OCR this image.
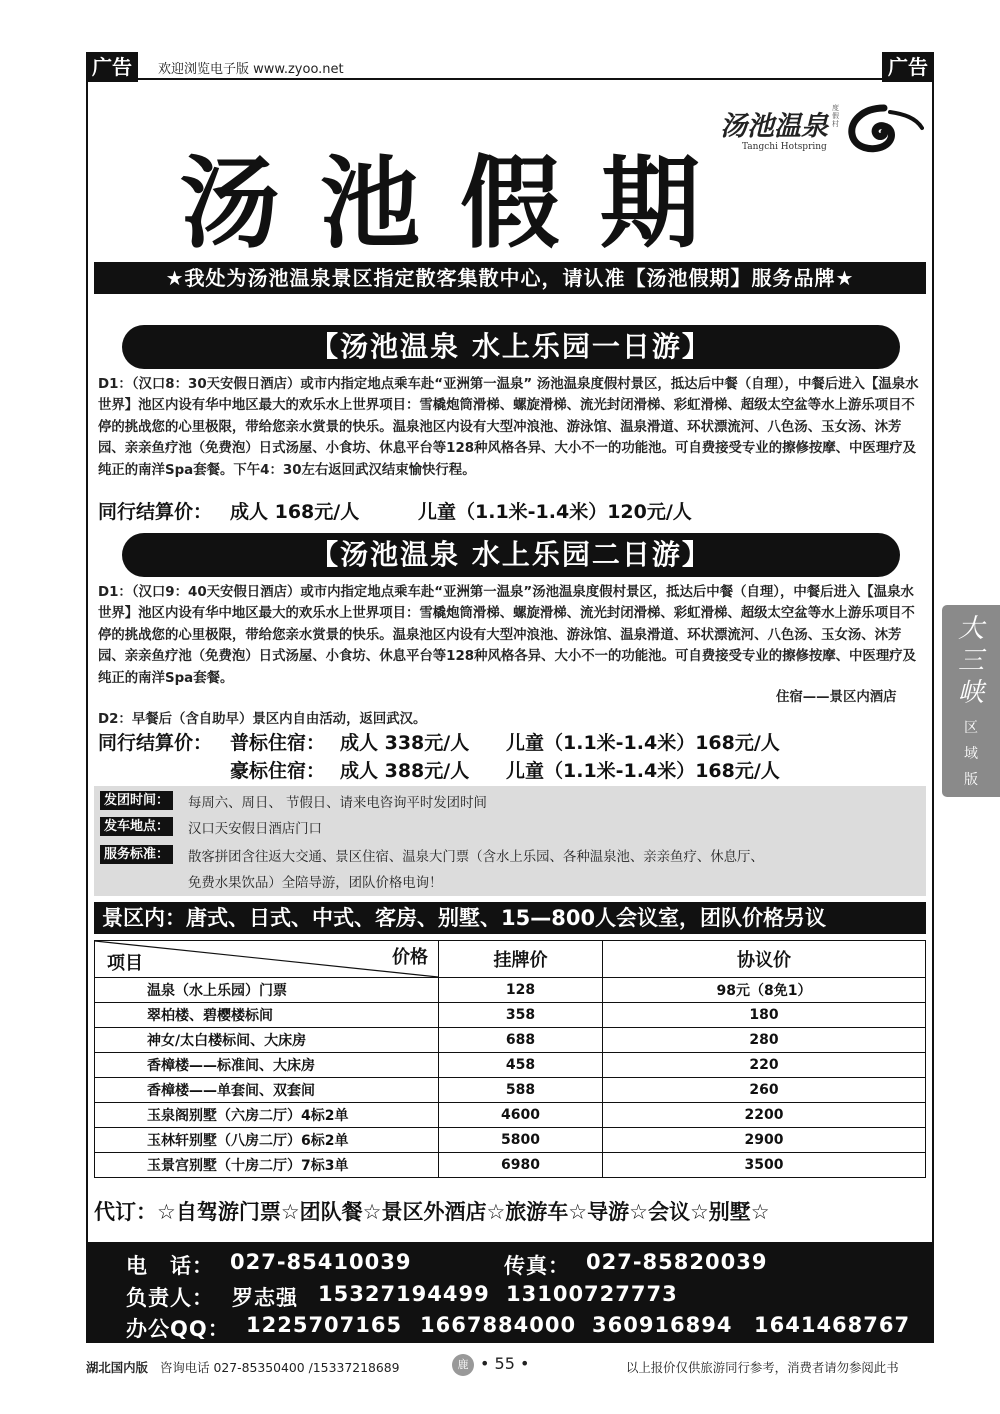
广告	欢迎浏览电子版 www.zyoo.net	广告
汤池温泉
度假村
Tangchi Hotspring
汤池假期
★我处为汤池温泉景区指定散客集散中心，请认准【汤池假期】服务品牌★
【汤池温泉 水上乐园一日游】
D1：（汉口8：30天安假日酒店）或市内指定地点乘车赴“亚洲第一温泉” 汤池温泉度假村景区，抵达后中餐（自理），中餐后进入【温泉水世界】池区内设有华中地区最大的欢乐水上世界项目：雪橇炮筒滑梯、螺旋滑梯、流光封闭滑梯、彩虹滑梯、超级太空盆等水上游乐项目不停的挑战您的心里极限，带给您亲水赏景的快乐。温泉池区内设有大型冲浪池、游泳馆、温泉滑道、环状漂流河、八色汤、玉女汤、沐芳园、亲亲鱼疗池（免费泡）日式汤屋、小食坊、休息平台等128种风格各异、大小不一的功能池。可自费接受专业的擦修按摩、中医理疗及纯正的南洋Spa套餐。下午4：30左右返回武汉结束愉快行程。
同行结算价： 成人 168元/人	儿童（1.1米-1.4米）120元/人
【汤池温泉 水上乐园二日游】
D1：（汉口9：40天安假日酒店）或市内指定地点乘车赴“亚洲第一温泉”汤池温泉度假村景区，抵达后中餐（自理），中餐后进入【温泉水世界】池区内设有华中地区最大的欢乐水上世界项目：雪橇炮筒滑梯、螺旋滑梯、流光封闭滑梯、彩虹滑梯、超级太空盆等水上游乐项目不停的挑战您的心里极限，带给您亲水赏景的快乐。温泉池区内设有大型冲浪池、游泳馆、温泉滑道、环状漂流河、八色汤、玉女汤、沐芳园、亲亲鱼疗池（免费泡）日式汤屋、小食坊、休息平台等128种风格各异、大小不一的功能池。可自费接受专业的擦修按摩、中医理疗及纯正的南洋Spa套餐。
住宿——景区内酒店
D2：早餐后（含自助早）景区内自由活动，返回武汉。
同行结算价： 普标住宿： 成人 338元/人 儿童（1.1米-1.4米）168元/人
豪标住宿： 成人 388元/人 儿童（1.1米-1.4米）168元/人
发团时间： 每周六、周日、 节假日、请来电咨询平时发团时间
发车地点： 汉口天安假日酒店门口
服务标准： 散客拼团含往返大交通、景区住宿、温泉大门票（含水上乐园、各种温泉池、亲亲鱼疗、休息厅、
免费水果饮品）全陪导游，团队价格电询！
景区内：唐式、日式、中式、客房、别墅、15—800人会议室，团队价格另议
项目 价格	挂牌价	协议价
温泉（水上乐园）门票	128	98元（8免1）
翠柏楼、碧樱楼标间	358	180
神女/太白楼标间、大床房	688	280
香樟楼——标准间、大床房	458	220
香樟楼——单套间、双套间	588	260
玉泉阁别墅（六房二厅）4标2单	4600	2200
玉林轩别墅（八房二厅）6标2单	5800	2900
玉景宫别墅（十房二厅）7标3单	6980	3500
代订：☆自驾游门票☆团队餐☆景区外酒店☆旅游车☆导游☆会议☆别墅☆
电　话： 027-85410039	传真： 027-85820039
负责人： 罗志强 15327194499 13100727773
办公QQ： 1225707165 1667884000 360916894 1641468767
大三峡
区
域
版
湖北国内版 咨询电话 027-85350400 /15337218689	鹿 • 55 •	以上报价仅供旅游同行参考，消费者请勿参阅此书
